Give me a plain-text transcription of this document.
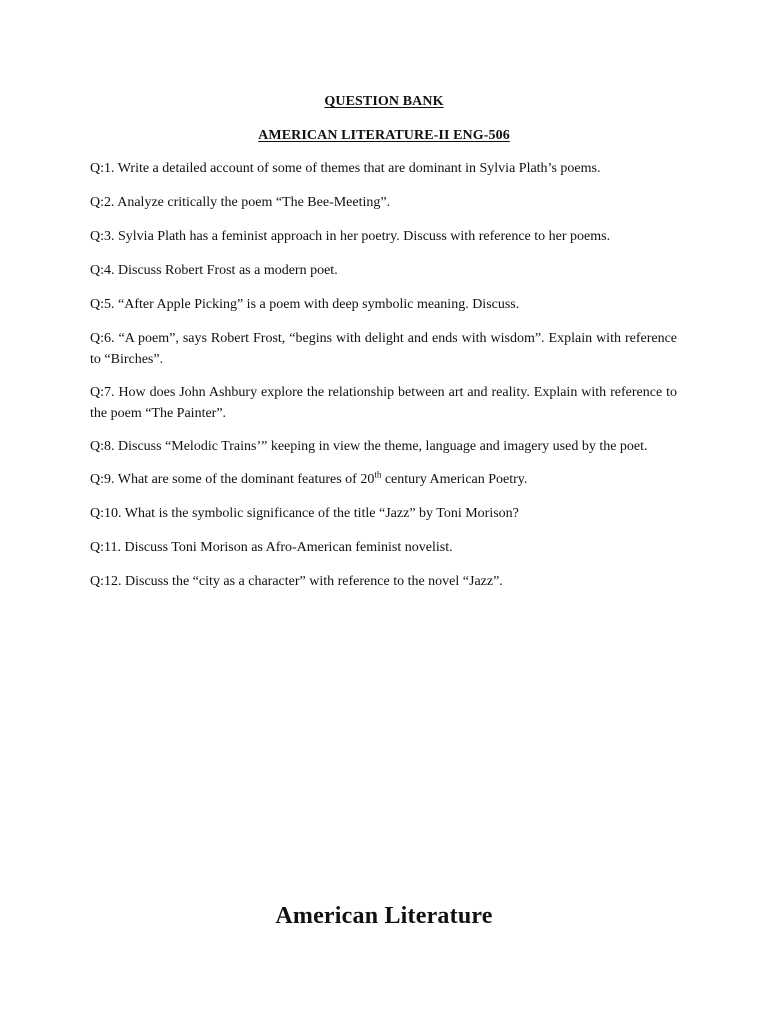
QUESTION BANK
AMERICAN LITERATURE-II ENG-506
Q:1. Write a detailed account of some of themes that are dominant in Sylvia Plath’s poems.
Q:2. Analyze critically the poem “The Bee-Meeting”.
Q:3. Sylvia Plath has a feminist approach in her poetry. Discuss with reference to her poems.
Q:4. Discuss Robert Frost as a modern poet.
Q:5. “After Apple Picking” is a poem with deep symbolic meaning. Discuss.
Q:6. “A poem”, says Robert Frost, “begins with delight and ends with wisdom”. Explain with reference to “Birches”.
Q:7. How does John Ashbury explore the relationship between art and reality. Explain with reference to the poem “The Painter”.
Q:8. Discuss “Melodic Trains’” keeping in view the theme, language and imagery used by the poet.
Q:9. What are some of the dominant features of 20th century American Poetry.
Q:10. What is the symbolic significance of the title “Jazz” by Toni Morison?
Q:11. Discuss Toni Morison as Afro-American feminist novelist.
Q:12. Discuss the “city as a character” with reference to the novel “Jazz”.
American Literature
